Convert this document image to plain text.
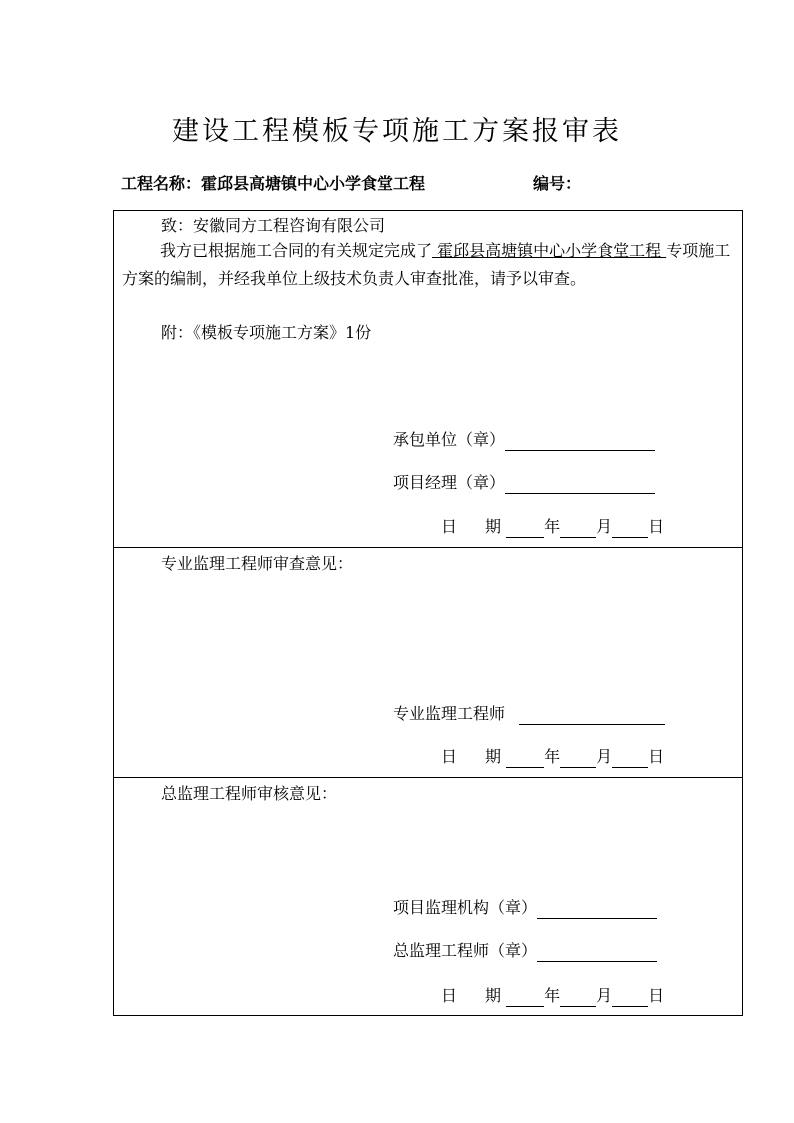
建设工程模板专项施工方案报审表
工程名称：霍邱县高塘镇中心小学食堂工程	编号：
致：安徽同方工程咨询有限公司
我方已根据施工合同的有关规定完成了 霍邱县高塘镇中心小学食堂工程 专项施工方案的编制，并经我单位上级技术负责人审查批准，请予以审查。
附：《模板专项施工方案》1份
承包单位（章）
项目经理（章）
日 期	年 月 日
专业监理工程师审查意见：
专业监理工程师
日 期	年 月 日
总监理工程师审核意见：
项目监理机构（章）
总监理工程师（章）
日 期	年 月 日
